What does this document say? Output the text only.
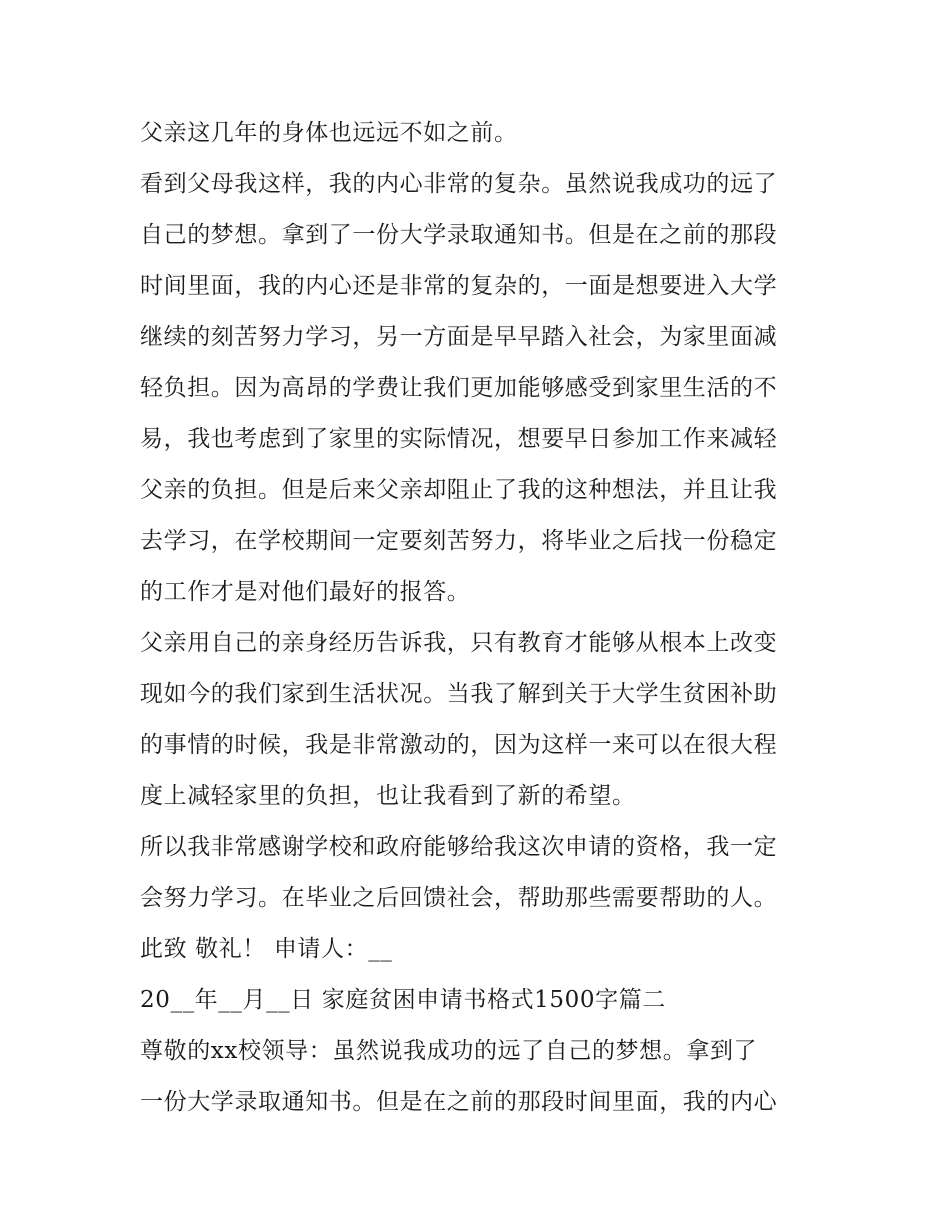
父亲这几年的身体也远远不如之前。
看到父母我这样，我的内心非常的复杂。虽然说我成功的远了
自己的梦想。拿到了一份大学录取通知书。但是在之前的那段
时间里面，我的内心还是非常的复杂的，一面是想要进入大学
继续的刻苦努力学习，另一方面是早早踏入社会，为家里面减
轻负担。因为高昂的学费让我们更加能够感受到家里生活的不
易，我也考虑到了家里的实际情况，想要早日参加工作来减轻
父亲的负担。但是后来父亲却阻止了我的这种想法，并且让我
去学习，在学校期间一定要刻苦努力，将毕业之后找一份稳定
的工作才是对他们最好的报答。
父亲用自己的亲身经历告诉我，只有教育才能够从根本上改变
现如今的我们家到生活状况。当我了解到关于大学生贫困补助
的事情的时候，我是非常激动的，因为这样一来可以在很大程
度上减轻家里的负担，也让我看到了新的希望。
所以我非常感谢学校和政府能够给我这次申请的资格，我一定
会努力学习。在毕业之后回馈社会，帮助那些需要帮助的人。
此致 敬礼！ 申请人：__
20__年__月__日 家庭贫困申请书格式1500字篇二
尊敬的xx校领导：虽然说我成功的远了自己的梦想。拿到了
一份大学录取通知书。但是在之前的那段时间里面，我的内心
